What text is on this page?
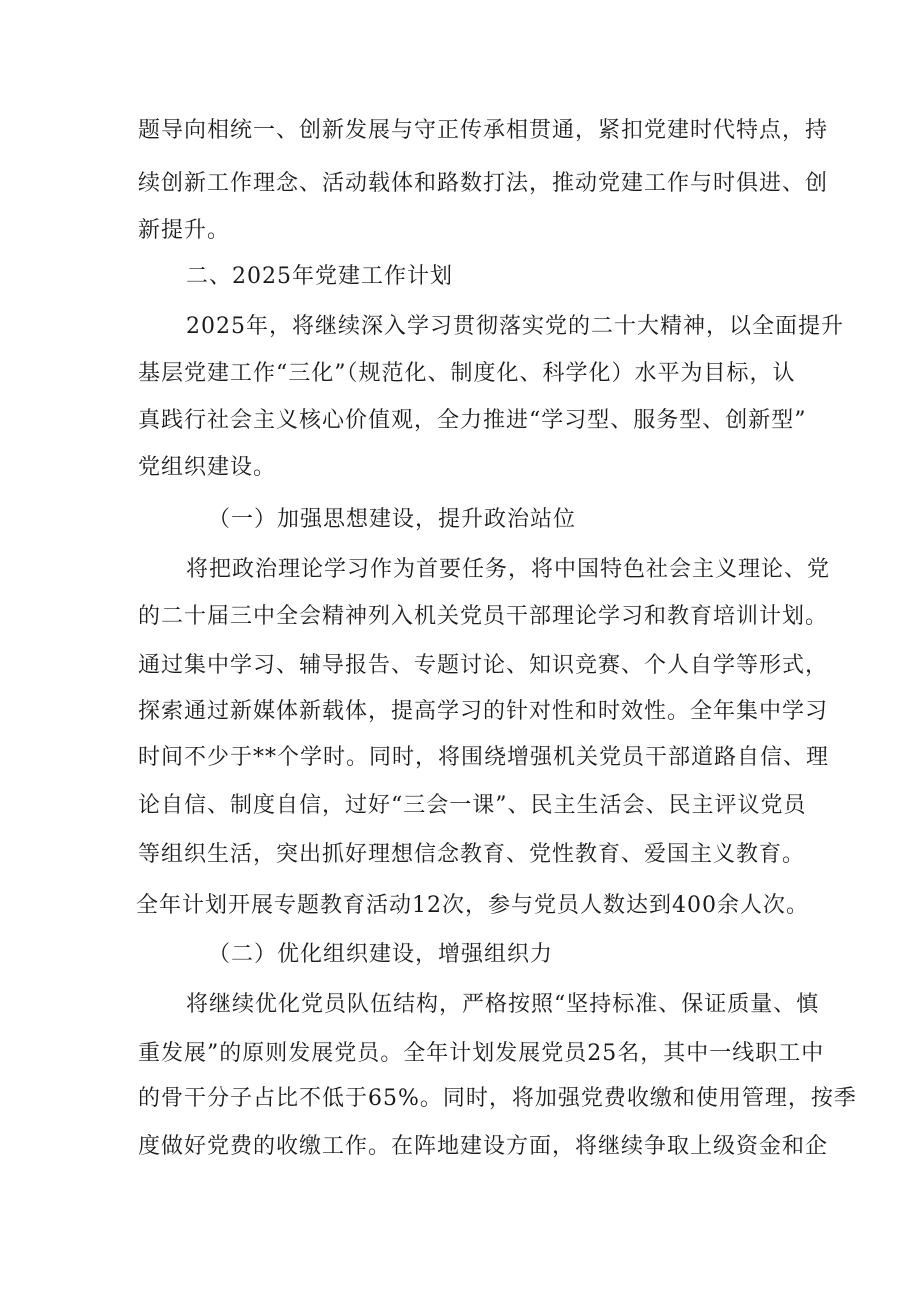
题导向相统一、创新发展与守正传承相贯通，紧扣党建时代特点，持
续创新工作理念、活动载体和路数打法，推动党建工作与时俱进、创
新提升。
二、2025年党建工作计划
2025年，将继续深入学习贯彻落实党的二十大精神，以全面提升
基层党建工作“三化”（规范化、制度化、科学化）水平为目标，认
真践行社会主义核心价值观，全力推进“学习型、服务型、创新型”
党组织建设。
（一）加强思想建设，提升政治站位
将把政治理论学习作为首要任务，将中国特色社会主义理论、党
的二十届三中全会精神列入机关党员干部理论学习和教育培训计划。
通过集中学习、辅导报告、专题讨论、知识竞赛、个人自学等形式，
探索通过新媒体新载体，提高学习的针对性和时效性。全年集中学习
时间不少于**个学时。同时，将围绕增强机关党员干部道路自信、理
论自信、制度自信，过好“三会一课”、民主生活会、民主评议党员
等组织生活，突出抓好理想信念教育、党性教育、爱国主义教育。
全年计划开展专题教育活动12次，参与党员人数达到400余人次。
（二）优化组织建设，增强组织力
将继续优化党员队伍结构，严格按照“坚持标准、保证质量、慎
重发展”的原则发展党员。全年计划发展党员25名，其中一线职工中
的骨干分子占比不低于65%。同时，将加强党费收缴和使用管理，按季
度做好党费的收缴工作。在阵地建设方面，将继续争取上级资金和企
